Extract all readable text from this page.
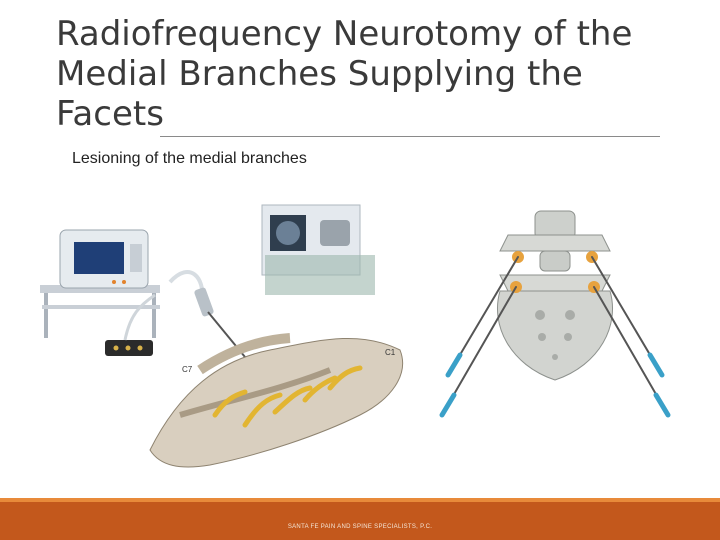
Radiofrequency Neurotomy of the Medial Branches Supplying the Facets
Lesioning of the medial branches
C1
C7
SANTA FE PAIN AND SPINE SPECIALISTS, P.C.
